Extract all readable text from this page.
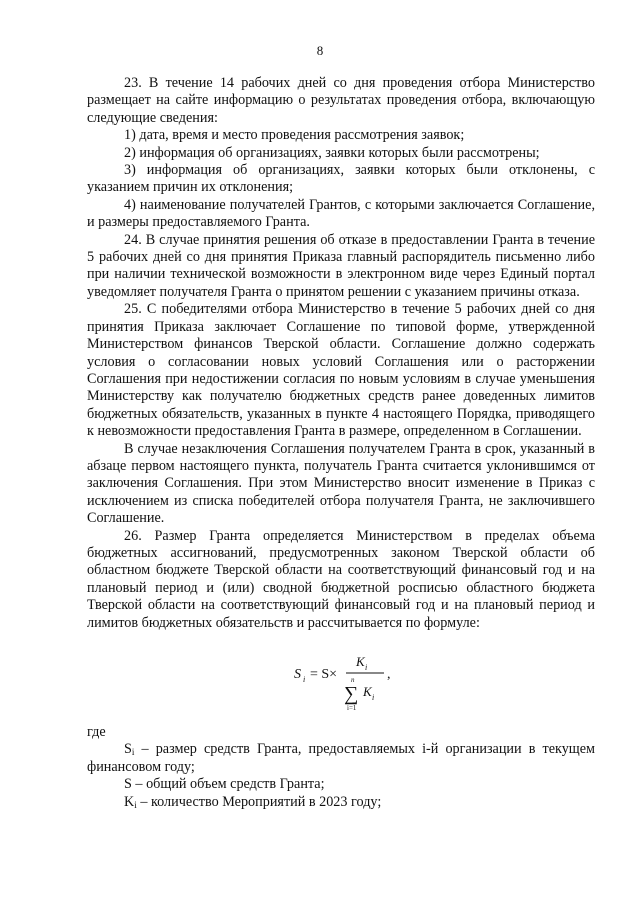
8

23. В течение 14 рабочих дней со дня проведения отбора Министерство размещает на сайте информацию о результатах проведения отбора, включающую следующие сведения:

1) дата, время и место проведения рассмотрения заявок;

2) информация об организациях, заявки которых были рассмотрены;

3) информация об организациях, заявки которых были отклонены, с указанием причин их отклонения;

4) наименование получателей Грантов, с которыми заключается Соглашение, и размеры предоставляемого Гранта.

24. В случае принятия решения об отказе в предоставлении Гранта в течение 5 рабочих дней со дня принятия Приказа главный распорядитель письменно либо при наличии технической возможности в электронном виде через Единый портал уведомляет получателя Гранта о принятом решении с указанием причины отказа.

25. С победителями отбора Министерство в течение 5 рабочих дней со дня принятия Приказа заключает Соглашение по типовой форме, утвержденной Министерством финансов Тверской области. Соглашение должно содержать условия о согласовании новых условий Соглашения или о расторжении Соглашения при недостижении согласия по новым условиям в случае уменьшения Министерству как получателю бюджетных средств ранее доведенных лимитов бюджетных обязательств, указанных в пункте 4 настоящего Порядка, приводящего к невозможности предоставления Гранта в размере, определенном в Соглашении.

В случае незаключения Соглашения получателем Гранта в срок, указанный в абзаце первом настоящего пункта, получатель Гранта считается уклонившимся от заключения Соглашения. При этом Министерство вносит изменение в Приказ с исключением из списка победителей отбора получателя Гранта, не заключившего Соглашение.

26. Размер Гранта определяется Министерством в пределах объема бюджетных ассигнований, предусмотренных законом Тверской области об областном бюджете Тверской области на соответствующий финансовый год и на плановый период и (или) сводной бюджетной росписью областного бюджета Тверской области на соответствующий финансовый год и на плановый период и лимитов бюджетных обязательств и рассчитывается по формуле:

S i = S×
K i
n
∑
i=1
K i
,

где

$S_i$ – размер средств Гранта, предоставляемых i-й организации в текущем финансовом году;

S – общий объем средств Гранта;

$K_i$ – количество Мероприятий в 2023 году;
